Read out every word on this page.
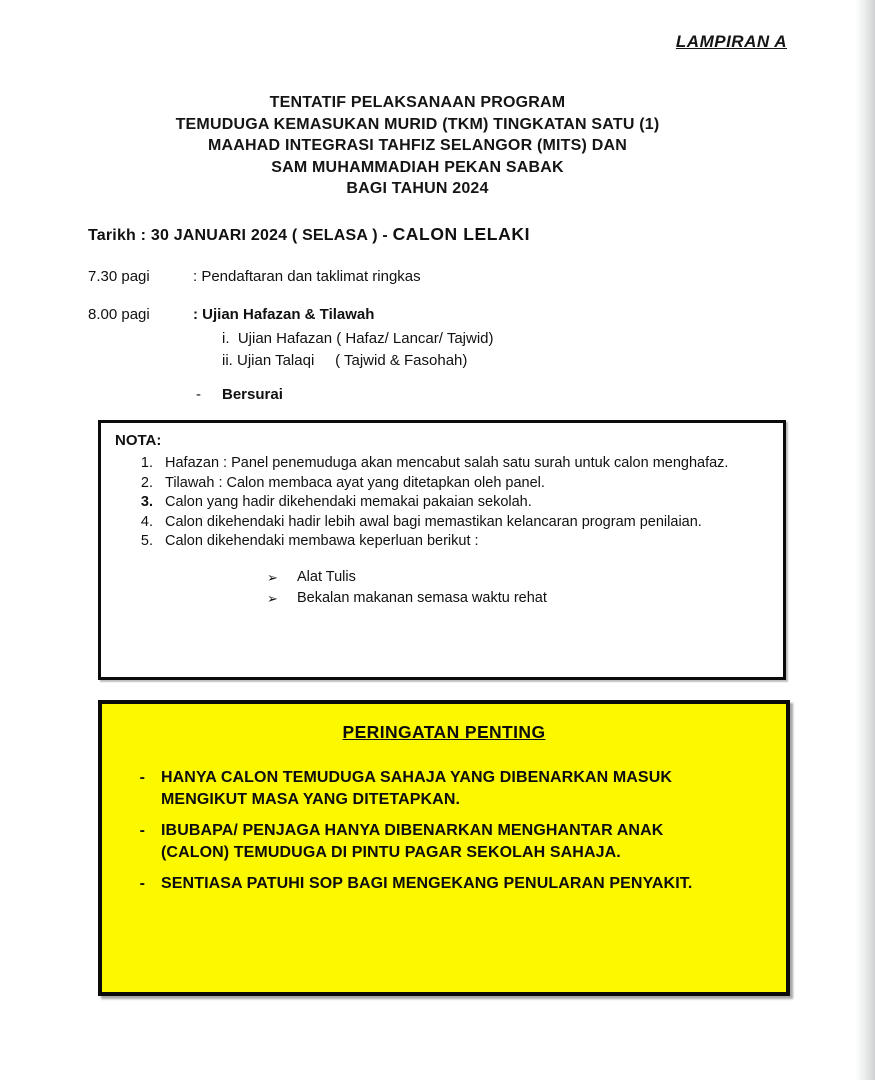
LAMPIRAN A
TENTATIF PELAKSANAAN PROGRAM
TEMUDUGA KEMASUKAN MURID (TKM) TINGKATAN SATU (1)
MAAHAD INTEGRASI TAHFIZ SELANGOR (MITS) DAN
SAM MUHAMMADIAH PEKAN SABAK
BAGI TAHUN 2024
Tarikh : 30 JANUARI 2024 ( SELASA ) - CALON LELAKI
7.30 pagi	: Pendaftaran dan taklimat ringkas
8.00 pagi	: Ujian Hafazan & Tilawah
i.  Ujian Hafazan ( Hafaz/ Lancar/ Tajwid)
ii. Ujian Talaqi     ( Tajwid & Fasohah)
- Bersurai
NOTA:
1. Hafazan : Panel penemuduga akan mencabut salah satu surah untuk calon menghafaz.
2. Tilawah : Calon membaca ayat yang ditetapkan oleh panel.
3. Calon yang hadir dikehendaki memakai pakaian sekolah.
4. Calon dikehendaki hadir lebih awal bagi memastikan kelancaran program penilaian.
5. Calon dikehendaki membawa keperluan berikut :
➢	Alat Tulis
➢	Bekalan makanan semasa waktu rehat
PERINGATAN PENTING
- HANYA CALON TEMUDUGA SAHAJA YANG DIBENARKAN MASUK MENGIKUT MASA YANG DITETAPKAN.
- IBUBAPA/ PENJAGA HANYA DIBENARKAN MENGHANTAR ANAK (CALON) TEMUDUGA DI PINTU PAGAR SEKOLAH SAHAJA.
- SENTIASA PATUHI SOP BAGI MENGEKANG PENULARAN PENYAKIT.
